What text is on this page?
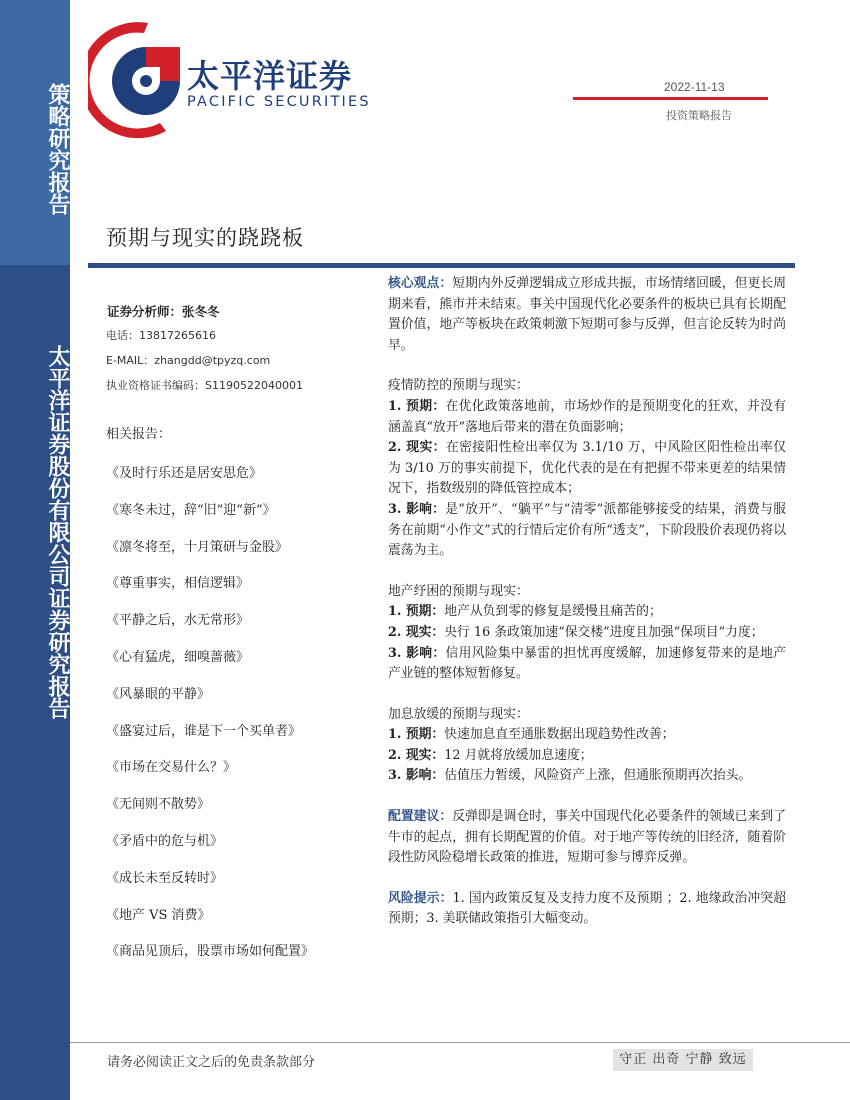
策略研究报告
太平洋证券股份有限公司证券研究报告
太平洋证券
PACIFIC SECURITIES
2022-11-13
投资策略报告
预期与现实的跷跷板
证券分析师：张冬冬
电话：13817265616
E-MAIL：zhangdd@tpyzq.com
执业资格证书编码：S1190522040001
相关报告：
《及时行乐还是居安思危》
《寒冬未过，辞“旧”迎“新”》
《凛冬将至，十月策研与金股》
《尊重事实，相信逻辑》
《平静之后，水无常形》
《心有猛虎，细嗅蔷薇》
《风暴眼的平静》
《盛宴过后，谁是下一个买单者》
《市场在交易什么？》
《无间则不散势》
《矛盾中的危与机》
《成长未至反转时》
《地产 VS 消费》
《商品见顶后，股票市场如何配置》

核心观点：短期内外反弹逻辑成立形成共振，市场情绪回暖，但更长周期来看，熊市并未结束。事关中国现代化必要条件的板块已具有长期配置价值，地产等板块在政策刺激下短期可参与反弹，但言论反转为时尚早。

疫情防控的预期与现实：

1. 预期：在优化政策落地前，市场炒作的是预期变化的狂欢，并没有涵盖真“放开”落地后带来的潜在负面影响；

2. 现实：在密接阳性检出率仅为 3.1/10 万，中风险区阳性检出率仅为 3/10 万的事实前提下，优化代表的是在有把握不带来更差的结果情况下，指数级别的降低管控成本；

3. 影响：是“放开”、“躺平”与“清零”派都能够接受的结果，消费与服务在前期“小作文”式的行情后定价有所“透支”，下阶段股价表现仍将以震荡为主。

地产纾困的预期与现实：

1. 预期：地产从负到零的修复是缓慢且痛苦的；

2. 现实：央行 16 条政策加速“保交楼”进度且加强“保项目”力度；

3. 影响：信用风险集中暴雷的担忧再度缓解，加速修复带来的是地产产业链的整体短暂修复。

加息放缓的预期与现实：

1. 预期：快速加息直至通胀数据出现趋势性改善；

2. 现实：12 月就将放缓加息速度；

3. 影响：估值压力暂缓，风险资产上涨，但通胀预期再次抬头。

配置建议：反弹即是调仓时，事关中国现代化必要条件的领域已来到了牛市的起点，拥有长期配置的价值。对于地产等传统的旧经济，随着阶段性防风险稳增长政策的推进，短期可参与博弈反弹。

风险提示：1. 国内政策反复及支持力度不及预期 ；2. 地缘政治冲突超预期；3. 美联储政策指引大幅变动。

请务必阅读正文之后的免责条款部分	守正 出奇 宁静 致远
